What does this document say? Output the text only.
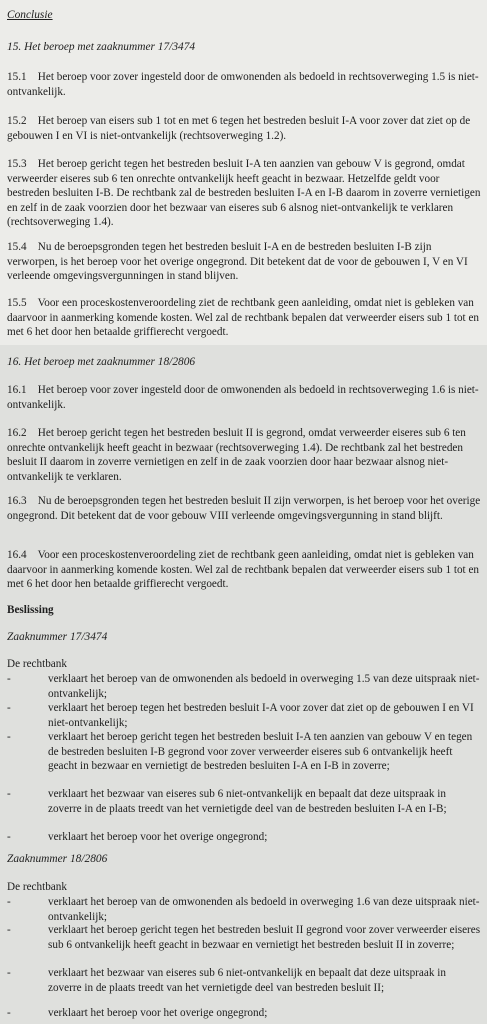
Conclusie
15. Het beroep met zaaknummer 17/3474
15.1 Het beroep voor zover ingesteld door de omwonenden als bedoeld in rechtsoverweging 1.5 is niet-ontvankelijk.
15.2 Het beroep van eisers sub 1 tot en met 6 tegen het bestreden besluit I-A voor zover dat ziet op de gebouwen I en VI is niet-ontvankelijk (rechtsoverweging 1.2).
15.3 Het beroep gericht tegen het bestreden besluit I-A ten aanzien van gebouw V is gegrond, omdat verweerder eiseres sub 6 ten onrechte ontvankelijk heeft geacht in bezwaar. Hetzelfde geldt voor bestreden besluiten I-B. De rechtbank zal de bestreden besluiten I-A en I-B daarom in zoverre vernietigen en zelf in de zaak voorzien door het bezwaar van eiseres sub 6 alsnog niet-ontvankelijk te verklaren (rechtsoverweging 1.4).
15.4 Nu de beroepsgronden tegen het bestreden besluit I-A en de bestreden besluiten I-B zijn verworpen, is het beroep voor het overige ongegrond. Dit betekent dat de voor de gebouwen I, V en VI verleende omgevingsvergunningen in stand blijven.
15.5 Voor een proceskostenveroordeling ziet de rechtbank geen aanleiding, omdat niet is gebleken van daarvoor in aanmerking komende kosten. Wel zal de rechtbank bepalen dat verweerder eisers sub 1 tot en met 6 het door hen betaalde griffierecht vergoedt.
16. Het beroep met zaaknummer 18/2806
16.1 Het beroep voor zover ingesteld door de omwonenden als bedoeld in rechtsoverweging 1.6 is niet-ontvankelijk.
16.2 Het beroep gericht tegen het bestreden besluit II is gegrond, omdat verweerder eiseres sub 6 ten onrechte ontvankelijk heeft geacht in bezwaar (rechtsoverweging 1.4). De rechtbank zal het bestreden besluit II daarom in zoverre vernietigen en zelf in de zaak voorzien door haar bezwaar alsnog niet-ontvankelijk te verklaren.
16.3 Nu de beroepsgronden tegen het bestreden besluit II zijn verworpen, is het beroep voor het overige ongegrond. Dit betekent dat de voor gebouw VIII verleende omgevingsvergunning in stand blijft.
16.4 Voor een proceskostenveroordeling ziet de rechtbank geen aanleiding, omdat niet is gebleken van daarvoor in aanmerking komende kosten. Wel zal de rechtbank bepalen dat verweerder eisers sub 1 tot en met 6 het door hen betaalde griffierecht vergoedt.
Beslissing
Zaaknummer 17/3474
De rechtbank
-	verklaart het beroep van de omwonenden als bedoeld in overweging 1.5 van deze uitspraak niet-ontvankelijk;
-	verklaart het beroep tegen het bestreden besluit I-A voor zover dat ziet op de gebouwen I en VI niet-ontvankelijk;
-	verklaart het beroep gericht tegen het bestreden besluit I-A ten aanzien van gebouw V en tegen de bestreden besluiten I-B gegrond voor zover verweerder eiseres sub 6 ontvankelijk heeft geacht in bezwaar en vernietigt de bestreden besluiten I-A en I-B in zoverre;
-	verklaart het bezwaar van eiseres sub 6 niet-ontvankelijk en bepaalt dat deze uitspraak in zoverre in de plaats treedt van het vernietigde deel van de bestreden besluiten I-A en I-B;
-	verklaart het beroep voor het overige ongegrond;
Zaaknummer 18/2806
De rechtbank
-	verklaart het beroep van de omwonenden als bedoeld in overweging 1.6 van deze uitspraak niet-ontvankelijk;
-	verklaart het beroep gericht tegen het bestreden besluit II gegrond voor zover verweerder eiseres sub 6 ontvankelijk heeft geacht in bezwaar en vernietigt het bestreden besluit II in zoverre;
-	verklaart het bezwaar van eiseres sub 6 niet-ontvankelijk en bepaalt dat deze uitspraak in zoverre in de plaats treedt van het vernietigde deel van bestreden besluit II;
-	verklaart het beroep voor het overige ongegrond;
